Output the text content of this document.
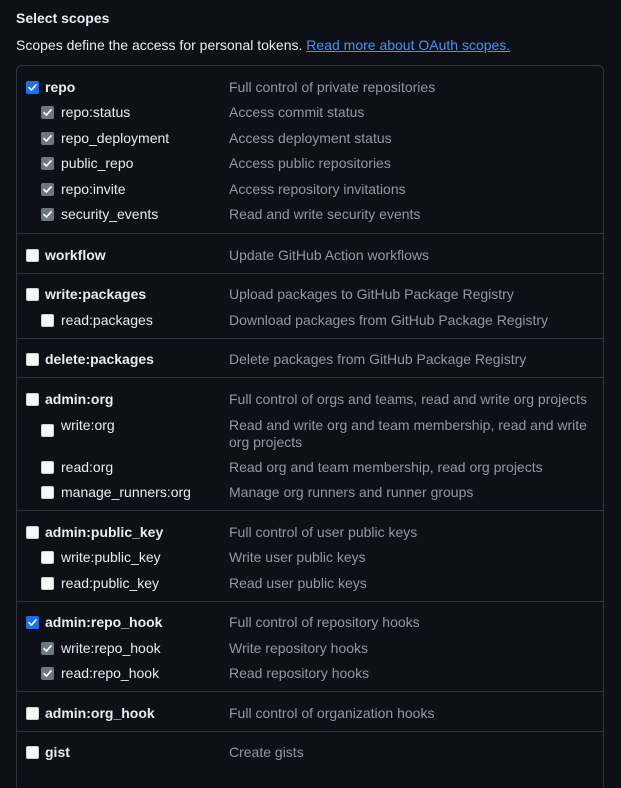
Select scopes
Scopes define the access for personal tokens. Read more about OAuth scopes.
repo	Full control of private repositories
repo:status	Access commit status
repo_deployment	Access deployment status
public_repo	Access public repositories
repo:invite	Access repository invitations
security_events	Read and write security events
workflow	Update GitHub Action workflows
write:packages	Upload packages to GitHub Package Registry
read:packages	Download packages from GitHub Package Registry
delete:packages	Delete packages from GitHub Package Registry
admin:org	Full control of orgs and teams, read and write org projects
write:org	Read and write org and team membership, read and write org projects
read:org	Read org and team membership, read org projects
manage_runners:org	Manage org runners and runner groups
admin:public_key	Full control of user public keys
write:public_key	Write user public keys
read:public_key	Read user public keys
admin:repo_hook	Full control of repository hooks
write:repo_hook	Write repository hooks
read:repo_hook	Read repository hooks
admin:org_hook	Full control of organization hooks
gist	Create gists
